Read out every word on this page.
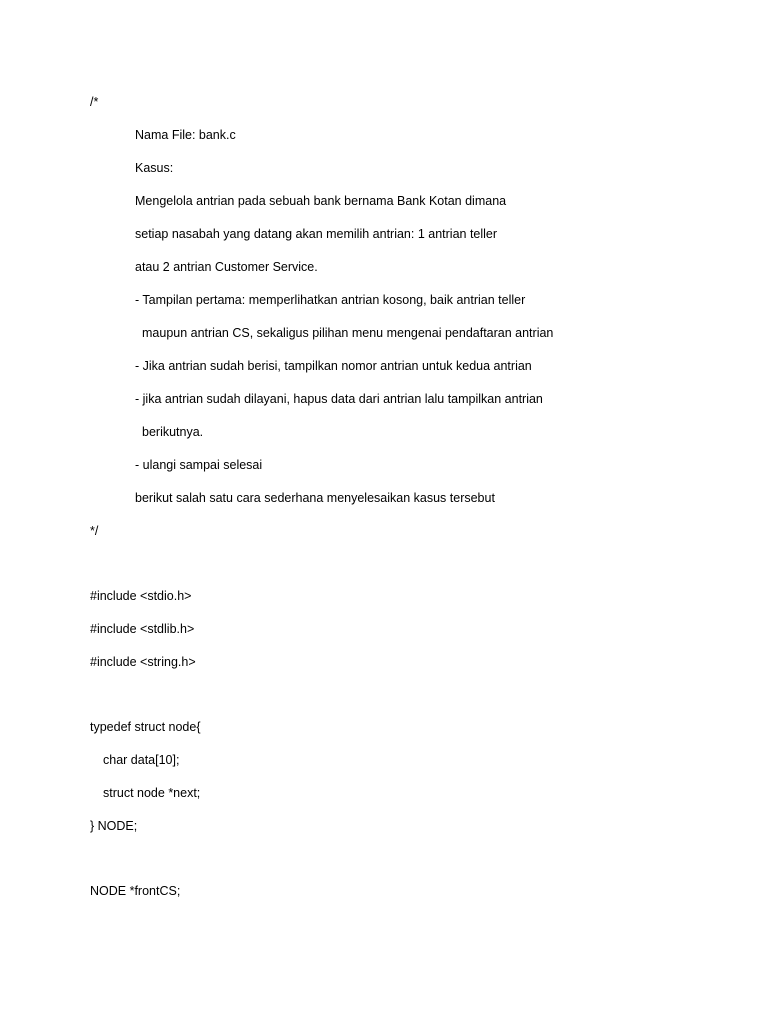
/*
Nama File: bank.c
Kasus:
Mengelola antrian pada sebuah bank bernama Bank Kotan dimana
setiap nasabah yang datang akan memilih antrian: 1 antrian teller
atau 2 antrian Customer Service.
- Tampilan pertama: memperlihatkan antrian kosong, baik antrian teller
maupun antrian CS, sekaligus pilihan menu mengenai pendaftaran antrian
- Jika antrian sudah berisi, tampilkan nomor antrian untuk kedua antrian
- jika antrian sudah dilayani, hapus data dari antrian lalu tampilkan antrian
berikutnya.
- ulangi sampai selesai
berikut salah satu cara sederhana menyelesaikan kasus tersebut
*/
#include <stdio.h>
#include <stdlib.h>
#include <string.h>
typedef struct node{
char data[10];
struct node *next;
} NODE;
NODE *frontCS;
